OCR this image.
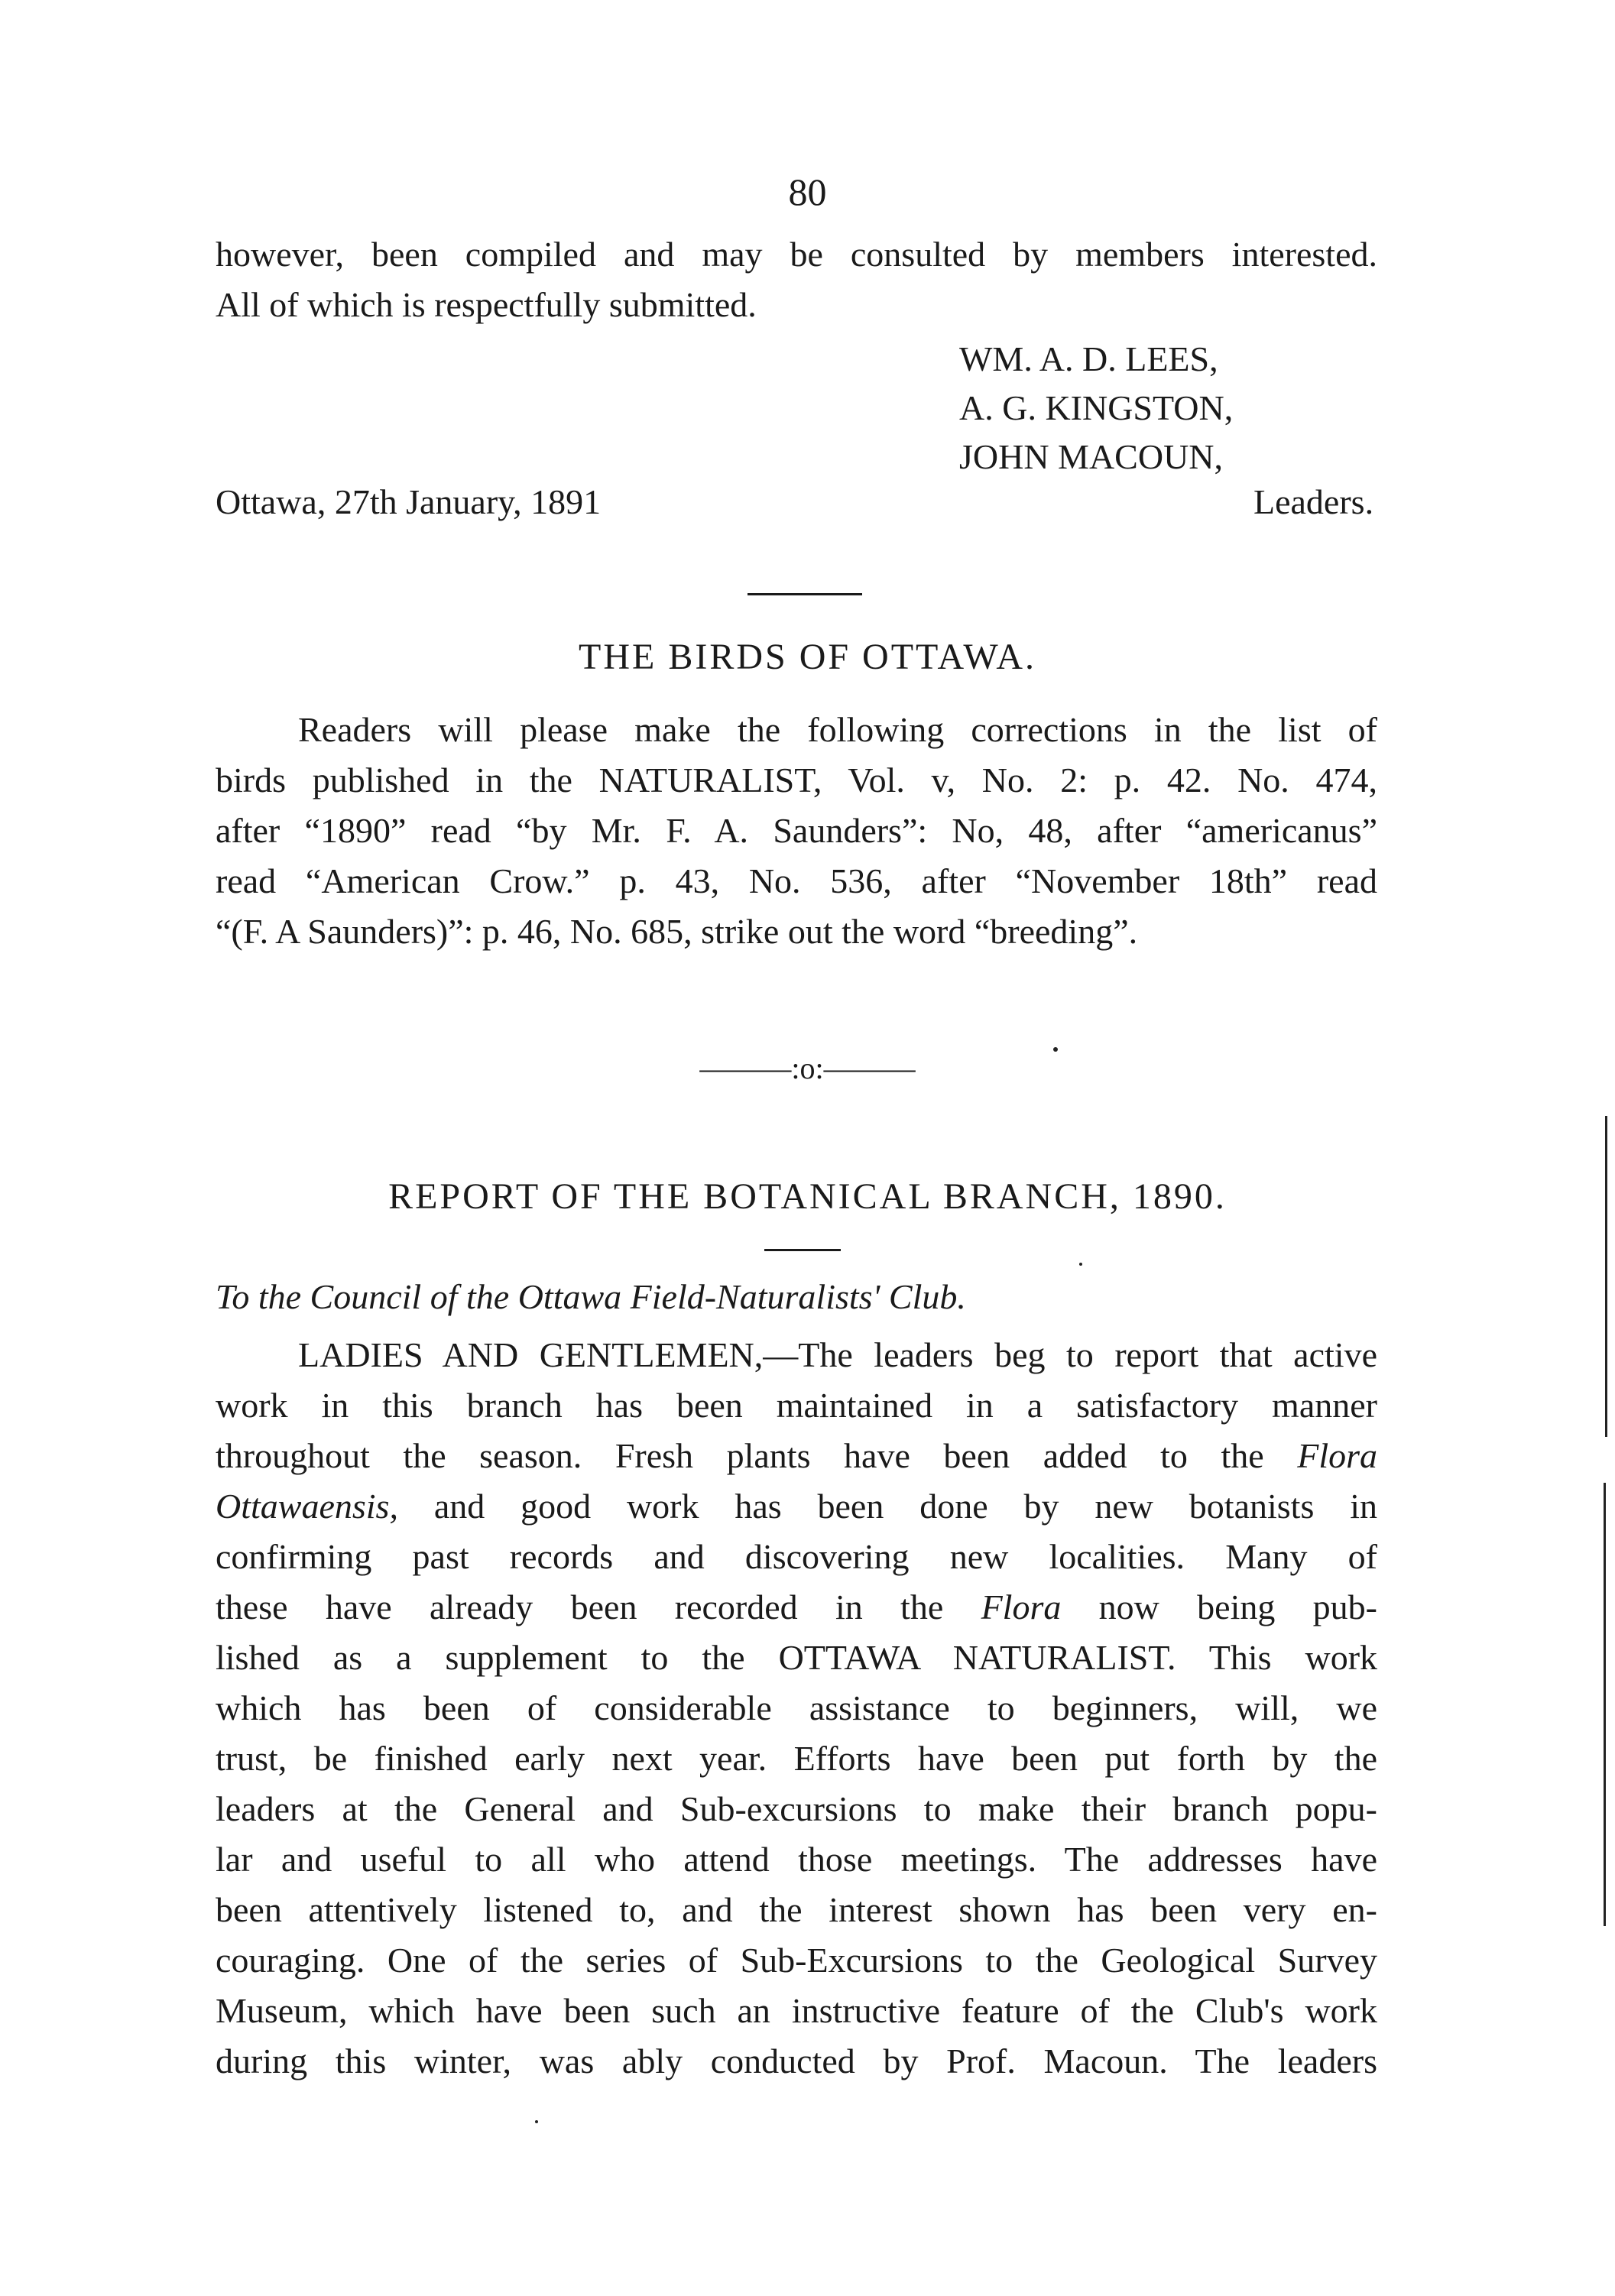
80
however, been compiled and may be consulted by members interested.
All of which is respectfully submitted.
WM. A. D. LEES,
A. G. KINGSTON,
JOHN MACOUN,
Ottawa, 27th January, 1891	Leaders.
THE BIRDS OF OTTAWA.
Readers will please make the following corrections in the list of
birds published in the NATURALIST, Vol. v, No. 2: p. 42. No. 474,
after “1890” read “by Mr. F. A. Saunders”: No, 48, after “americanus”
read “American Crow.” p. 43, No. 536, after “November 18th” read
“(F. A Saunders)”: p. 46, No. 685, strike out the word “breeding”.
———:o:———
REPORT OF THE BOTANICAL BRANCH, 1890.
To the Council of the Ottawa Field-Naturalists' Club.
LADIES AND GENTLEMEN,—The leaders beg to report that active
work in this branch has been maintained in a satisfactory manner
throughout the season. Fresh plants have been added to the Flora
Ottawaensis, and good work has been done by new botanists in
confirming past records and discovering new localities. Many of
these have already been recorded in the Flora now being pub-
lished as a supplement to the OTTAWA NATURALIST. This work
which has been of considerable assistance to beginners, will, we
trust, be finished early next year. Efforts have been put forth by the
leaders at the General and Sub-excursions to make their branch popu-
lar and useful to all who attend those meetings. The addresses have
been attentively listened to, and the interest shown has been very en-
couraging. One of the series of Sub-Excursions to the Geological Survey
Museum, which have been such an instructive feature of the Club's work
during this winter, was ably conducted by Prof. Macoun. The leaders
